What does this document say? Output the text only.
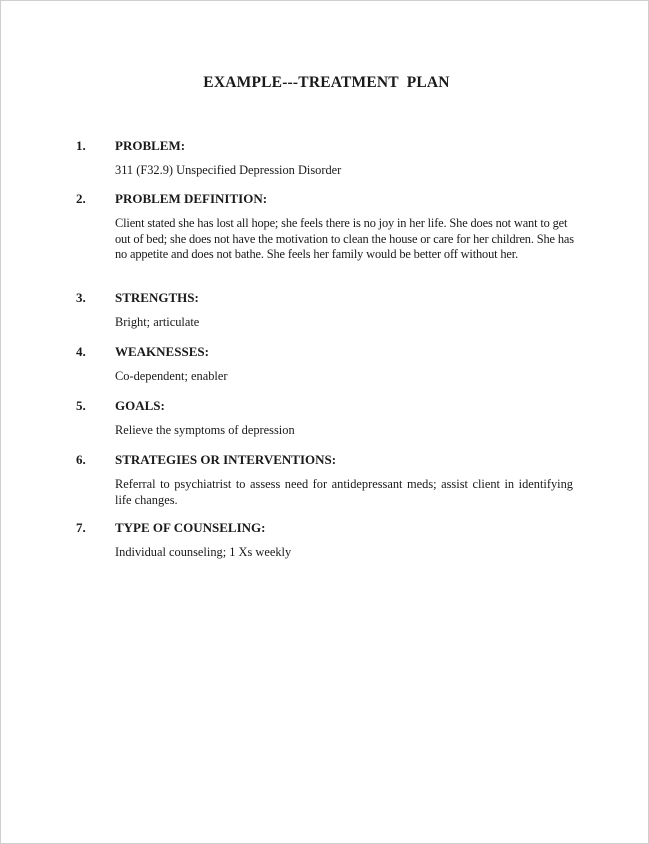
EXAMPLE---TREATMENT  PLAN
1. PROBLEM:
311 (F32.9) Unspecified Depression Disorder
2. PROBLEM DEFINITION:
Client stated she has lost all hope; she feels there is no joy in her life. She does not want to get out of bed; she does not have the motivation to clean the house or care for her children. She has no appetite and does not bathe. She feels her family would be better off without her.
3. STRENGTHS:
Bright; articulate
4. WEAKNESSES:
Co-dependent; enabler
5. GOALS:
Relieve the symptoms of depression
6. STRATEGIES OR INTERVENTIONS:
Referral to psychiatrist to assess need for antidepressant meds; assist client in identifying life changes.
7. TYPE OF COUNSELING:
Individual counseling; 1 Xs weekly
